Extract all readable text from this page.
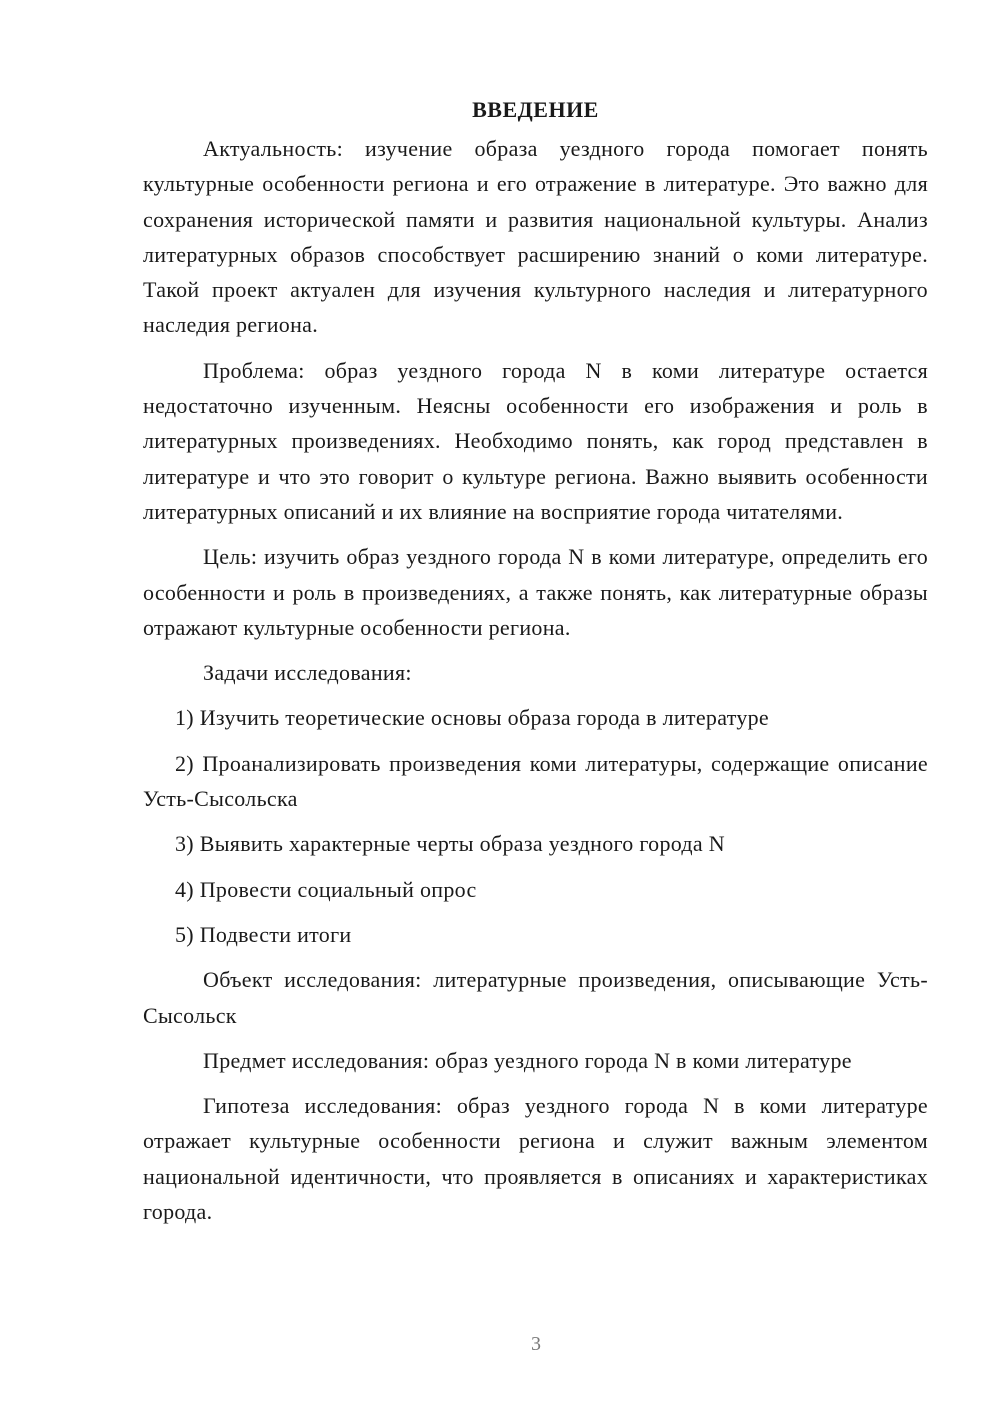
ВВЕДЕНИЕ

Актуальность: изучение образа уездного города помогает понять культурные особенности региона и его отражение в литературе. Это важно для сохранения исторической памяти и развития национальной культуры. Анализ литературных образов способствует расширению знаний о коми литературе. Такой проект актуален для изучения культурного наследия и литературного наследия региона.

Проблема: образ уездного города N в коми литературе остается недостаточно изученным. Неясны особенности его изображения и роль в литературных произведениях. Необходимо понять, как город представлен в литературе и что это говорит о культуре региона. Важно выявить особенности литературных описаний и их влияние на восприятие города читателями.

Цель: изучить образ уездного города N в коми литературе, определить его особенности и роль в произведениях, а также понять, как литературные образы отражают культурные особенности региона.

Задачи исследования:

1) Изучить теоретические основы образа города в литературе

2) Проанализировать произведения коми литературы, содержащие описание Усть-Сысольска

3) Выявить характерные черты образа уездного города N

4) Провести социальный опрос

5) Подвести итоги

Объект исследования: литературные произведения, описывающие Усть-Сысольск

Предмет исследования: образ уездного города N в коми литературе

Гипотеза исследования: образ уездного города N в коми литературе отражает культурные особенности региона и служит важным элементом национальной идентичности, что проявляется в описаниях и характеристиках города.

3
